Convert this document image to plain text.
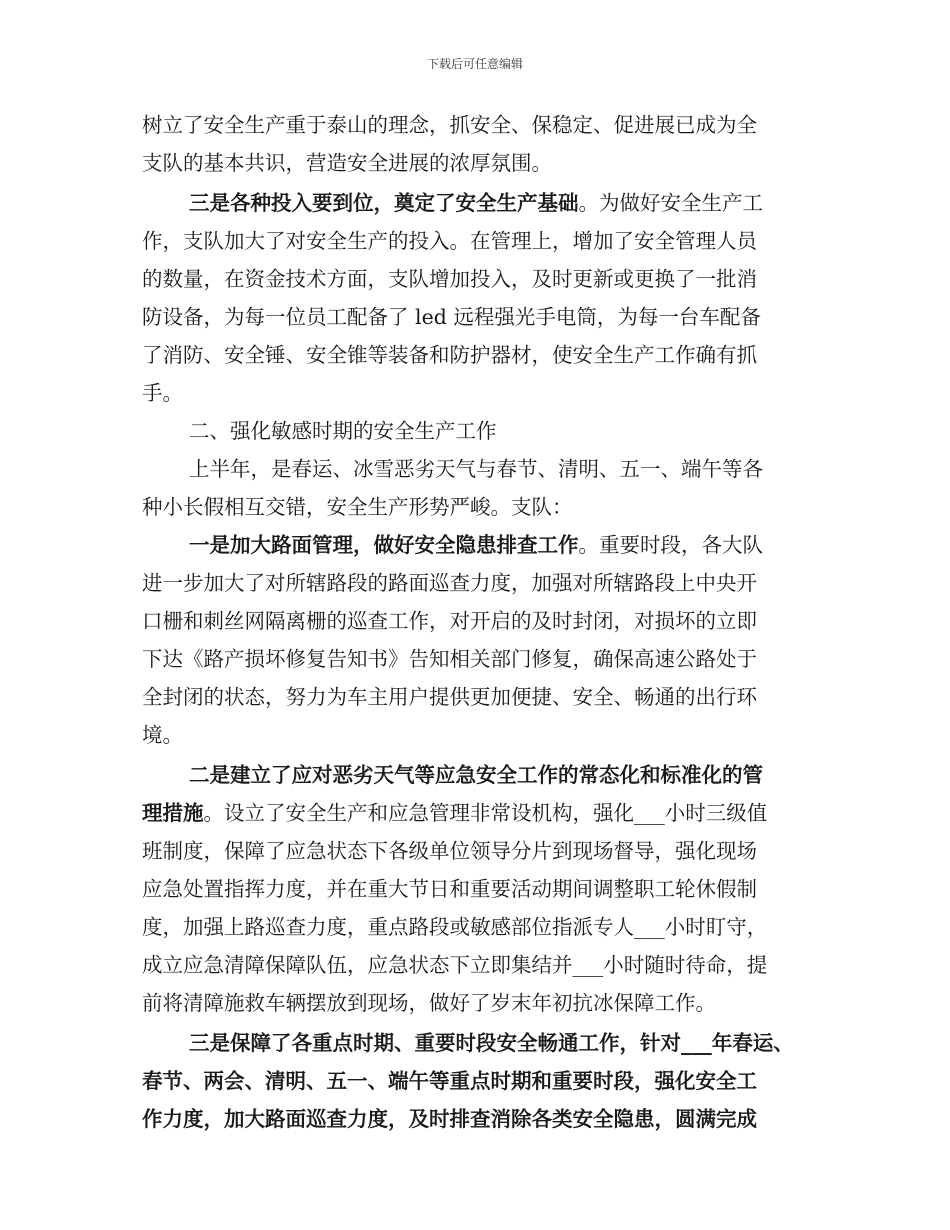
下载后可任意编辑
树立了安全生产重于泰山的理念，抓安全、保稳定、促进展已成为全
支队的基本共识，营造安全进展的浓厚氛围。
三是各种投入要到位，奠定了安全生产基础。为做好安全生产工
作，支队加大了对安全生产的投入。在管理上，增加了安全管理人员
的数量，在资金技术方面，支队增加投入，及时更新或更换了一批消
防设备，为每一位员工配备了 led 远程强光手电筒，为每一台车配备
了消防、安全锤、安全锥等装备和防护器材，使安全生产工作确有抓
手。
二、强化敏感时期的安全生产工作
上半年，是春运、冰雪恶劣天气与春节、清明、五一、端午等各
种小长假相互交错，安全生产形势严峻。支队：
一是加大路面管理，做好安全隐患排查工作。重要时段，各大队
进一步加大了对所辖路段的路面巡查力度，加强对所辖路段上中央开
口栅和刺丝网隔离栅的巡查工作，对开启的及时封闭，对损坏的立即
下达《路产损坏修复告知书》告知相关部门修复，确保高速公路处于
全封闭的状态，努力为车主用户提供更加便捷、安全、畅通的出行环
境。
二是建立了应对恶劣天气等应急安全工作的常态化和标准化的管
理措施。设立了安全生产和应急管理非常设机构，强化___小时三级值
班制度，保障了应急状态下各级单位领导分片到现场督导，强化现场
应急处置指挥力度，并在重大节日和重要活动期间调整职工轮休假制
度，加强上路巡查力度，重点路段或敏感部位指派专人___小时盯守，
成立应急清障保障队伍，应急状态下立即集结并___小时随时待命，提
前将清障施救车辆摆放到现场，做好了岁末年初抗冰保障工作。
三是保障了各重点时期、重要时段安全畅通工作，针对___年春运、
春节、两会、清明、五一、端午等重点时期和重要时段，强化安全工
作力度，加大路面巡查力度，及时排查消除各类安全隐患，圆满完成
